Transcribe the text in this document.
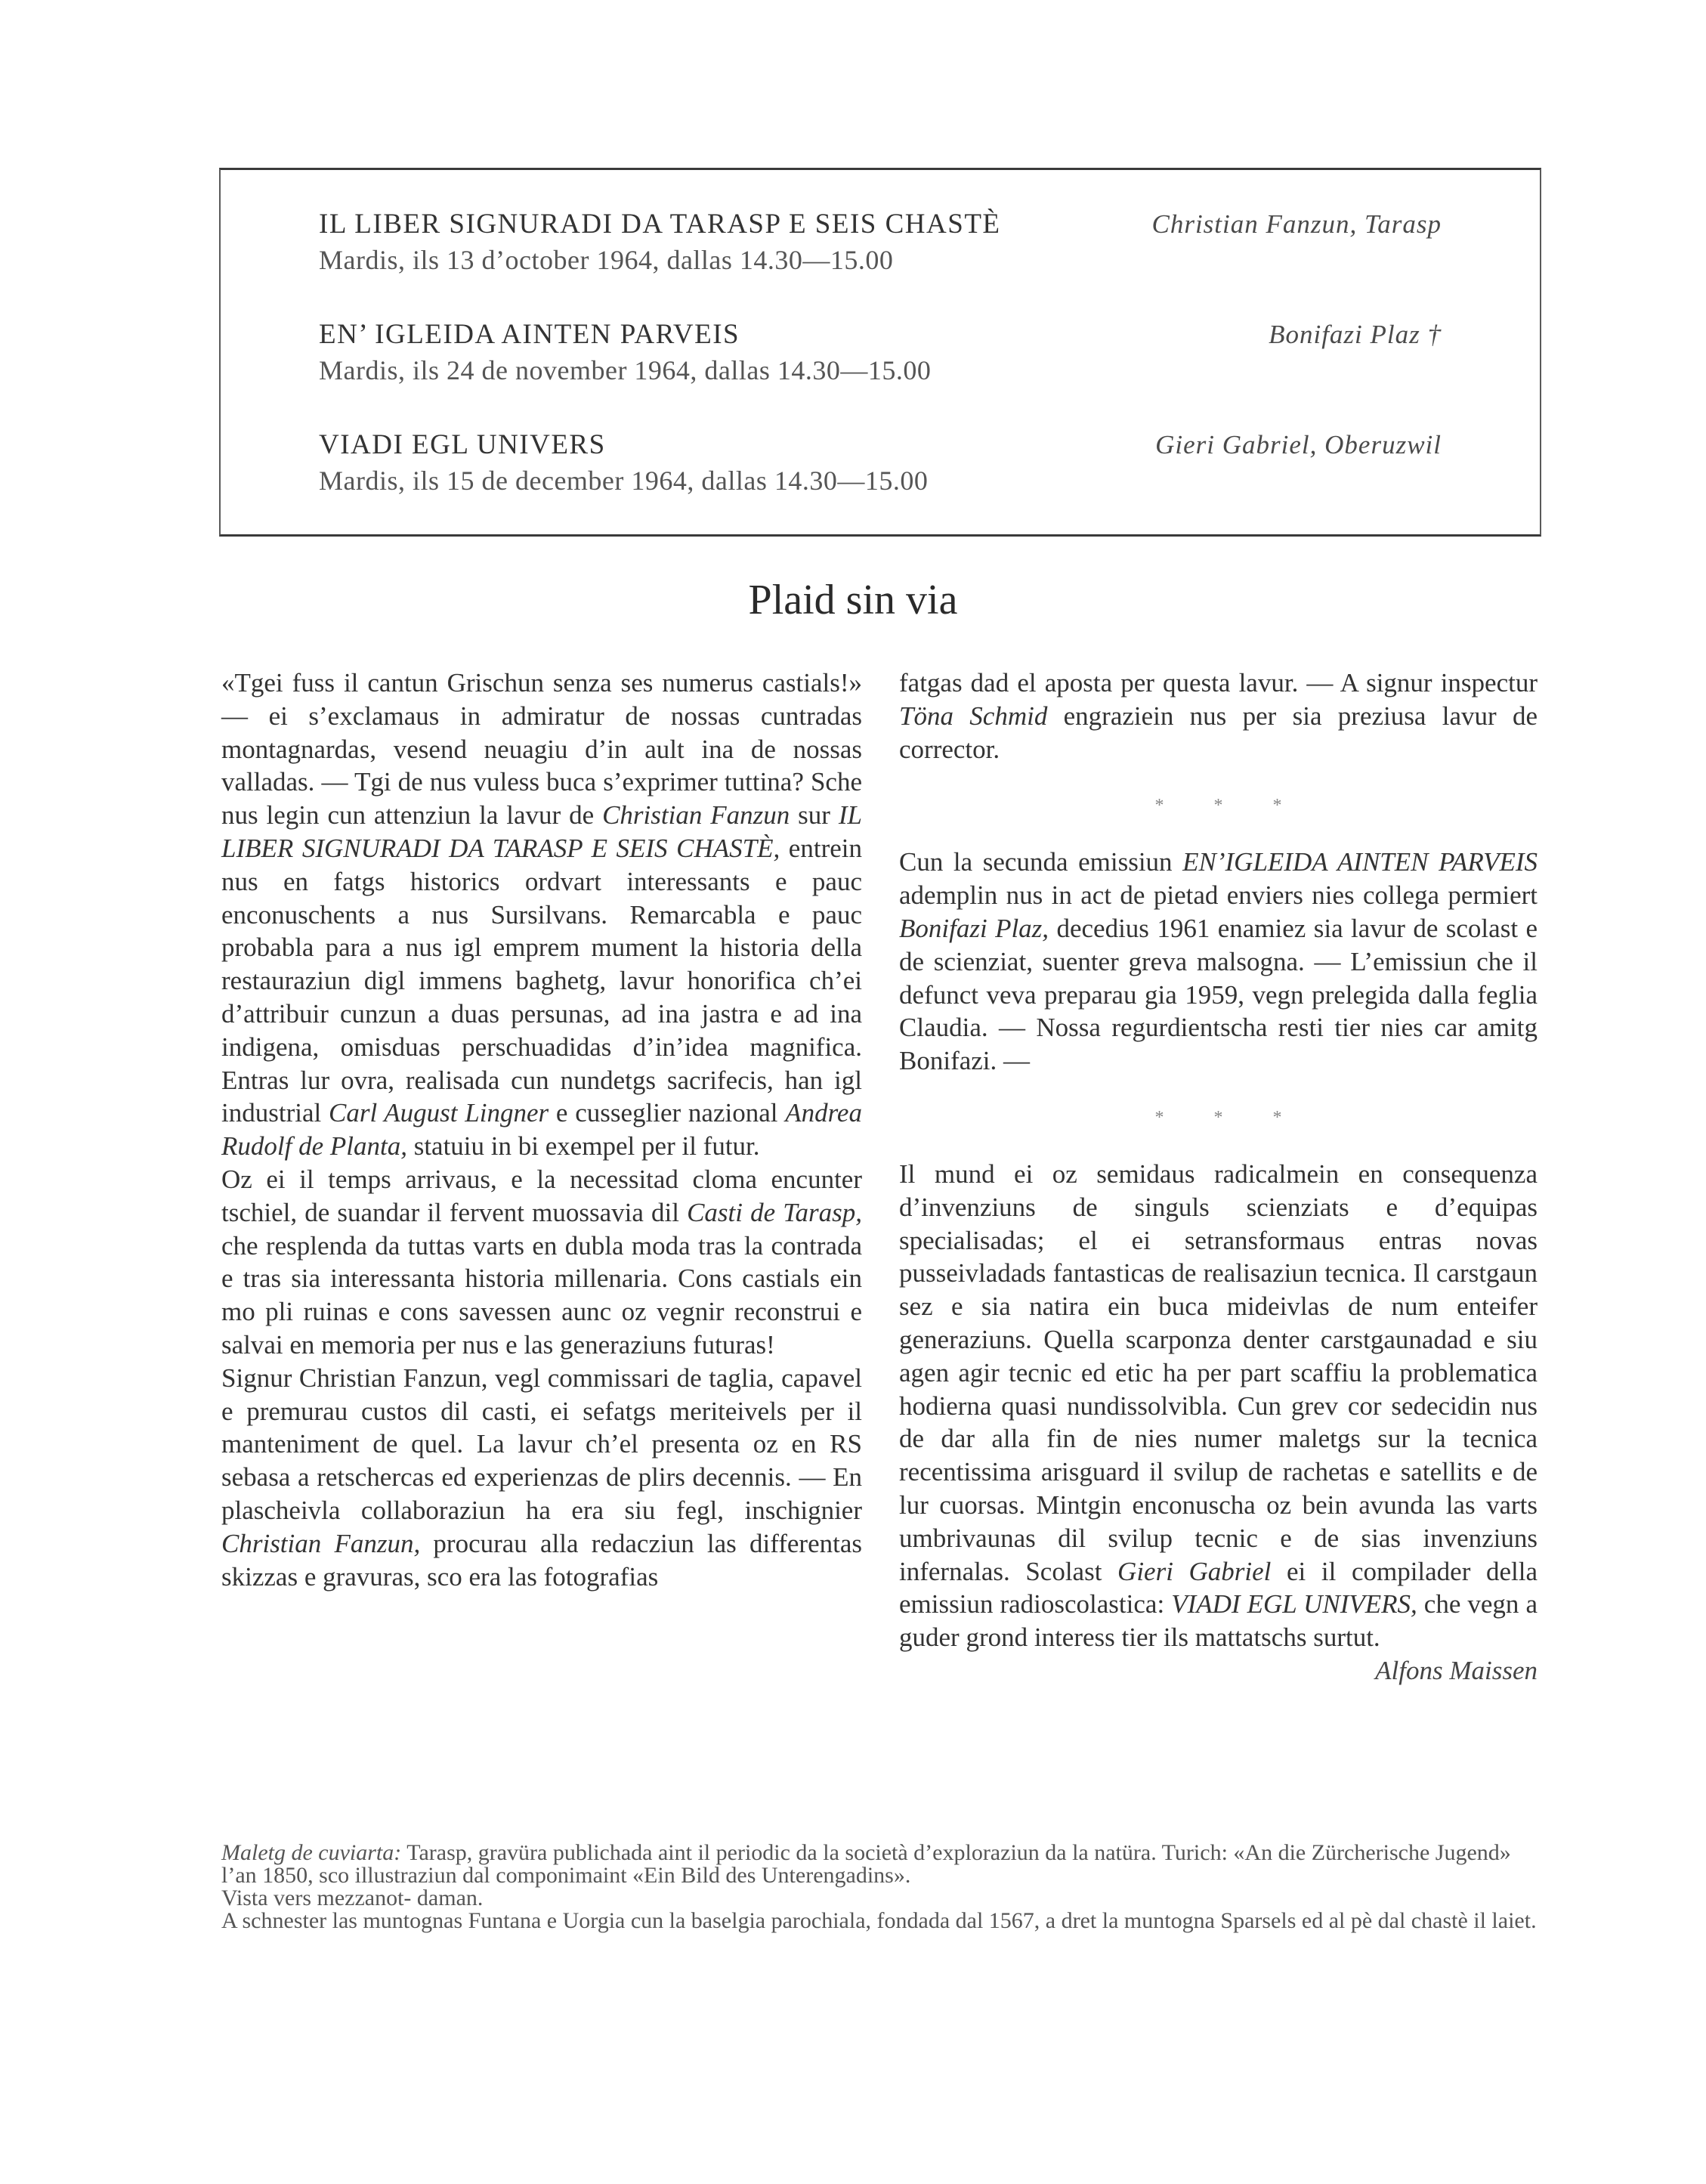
IL LIBER SIGNURADI DA TARASP E SEIS CHASTÈ
Mardis, ils 13 d’october 1964, dallas 14.30—15.00
Christian Fanzun, Tarasp
EN’ IGLEIDA AINTEN PARVEIS
Mardis, ils 24 de november 1964, dallas 14.30—15.00
Bonifazi Plaz †
VIADI EGL UNIVERS
Mardis, ils 15 de december 1964, dallas 14.30—15.00
Gieri Gabriel, Oberuzwil
Plaid sin via

«Tgei fuss il cantun Grischun senza ses numerus castials!» — ei s’exclamaus in admiratur de nossas cuntradas montagnardas, vesend neuagiu d’in ault ina de nossas valladas. — Tgi de nus vuless buca s’exprimer tuttina? Sche nus legin cun attenziun la lavur de Christian Fanzun sur IL LIBER SIGNURADI DA TARASP E SEIS CHASTÈ, entrein nus en fatgs historics ordvart interessants e pauc enconuschents a nus Sursilvans. Remarcabla e pauc probabla para a nus igl emprem mument la historia della restauraziun digl immens baghetg, lavur honorifica ch’ei d’attribuir cunzun a duas persunas, ad ina jastra e ad ina indigena, omisduas perschuadidas d’in’idea magnifica. Entras lur ovra, realisada cun nundetgs sacrifecis, han igl industrial Carl August Lingner e cusseglier nazional Andrea Rudolf de Planta, statuiu in bi exempel per il futur.

Oz ei il temps arrivaus, e la necessitad cloma encunter tschiel, de suandar il fervent muossavia dil Casti de Tarasp, che resplenda da tuttas varts en dubla moda tras la contrada e tras sia interessanta historia millenaria. Cons castials ein mo pli ruinas e cons savessen aunc oz vegnir reconstrui e salvai en memoria per nus e las generaziuns futuras!

Signur Christian Fanzun, vegl commissari de taglia, capavel e premurau custos dil casti, ei sefatgs meriteivels per il manteniment de quel. La lavur ch’el presenta oz en RS sebasa a retschercas ed experienzas de plirs decennis. — En plascheivla collaboraziun ha era siu fegl, inschignier Christian Fanzun, procurau alla redacziun las differentas skizzas e gravuras, sco era las fotografias

fatgas dad el aposta per questa lavur. — A signur inspectur Töna Schmid engraziein nus per sia preziusa lavur de corrector.

* * *

Cun la secunda emissiun EN’IGLEIDA AINTEN PARVEIS ademplin nus in act de pietad enviers nies collega permiert Bonifazi Plaz, decedius 1961 enamiez sia lavur de scolast e de scienziat, suenter greva malsogna. — L’emissiun che il defunct veva preparau gia 1959, vegn prelegida dalla feglia Claudia. — Nossa regurdientscha resti tier nies car amitg Bonifazi. —

* * *

Il mund ei oz semidaus radicalmein en consequenza d’invenziuns de singuls scienziats e d’equipas specialisadas; el ei setransformaus entras novas pusseivladads fantasticas de realisaziun tecnica. Il carstgaun sez e sia natira ein buca mideivlas de num enteifer generaziuns. Quella scarponza denter carstgaunadad e siu agen agir tecnic ed etic ha per part scaffiu la problematica hodierna quasi nundissolvibla. Cun grev cor sedecidin nus de dar alla fin de nies numer maletgs sur la tecnica recentissima arisguard il svilup de rachetas e satellits e de lur cuorsas. Mintgin enconuscha oz bein avunda las varts umbrivaunas dil svilup tecnic e de sias invenziuns infernalas. Scolast Gieri Gabriel ei il compilader della emissiun radioscolastica: VIADI EGL UNIVERS, che vegn a guder grond interess tier ils mattatschs surtut.

Alfons Maissen
Maletg de cuviarta: Tarasp, gravüra publichada aint il periodic da la società d’exploraziun da la natüra. Turich: «An die Zürcherische Jugend» l’an 1850, sco illustraziun dal componimaint «Ein Bild des Unterengadins».
Vista vers mezzanot- daman.
A schnester las muntognas Funtana e Uorgia cun la baselgia parochiala, fondada dal 1567, a dret la muntogna Sparsels ed al pè dal chastè il laiet.
